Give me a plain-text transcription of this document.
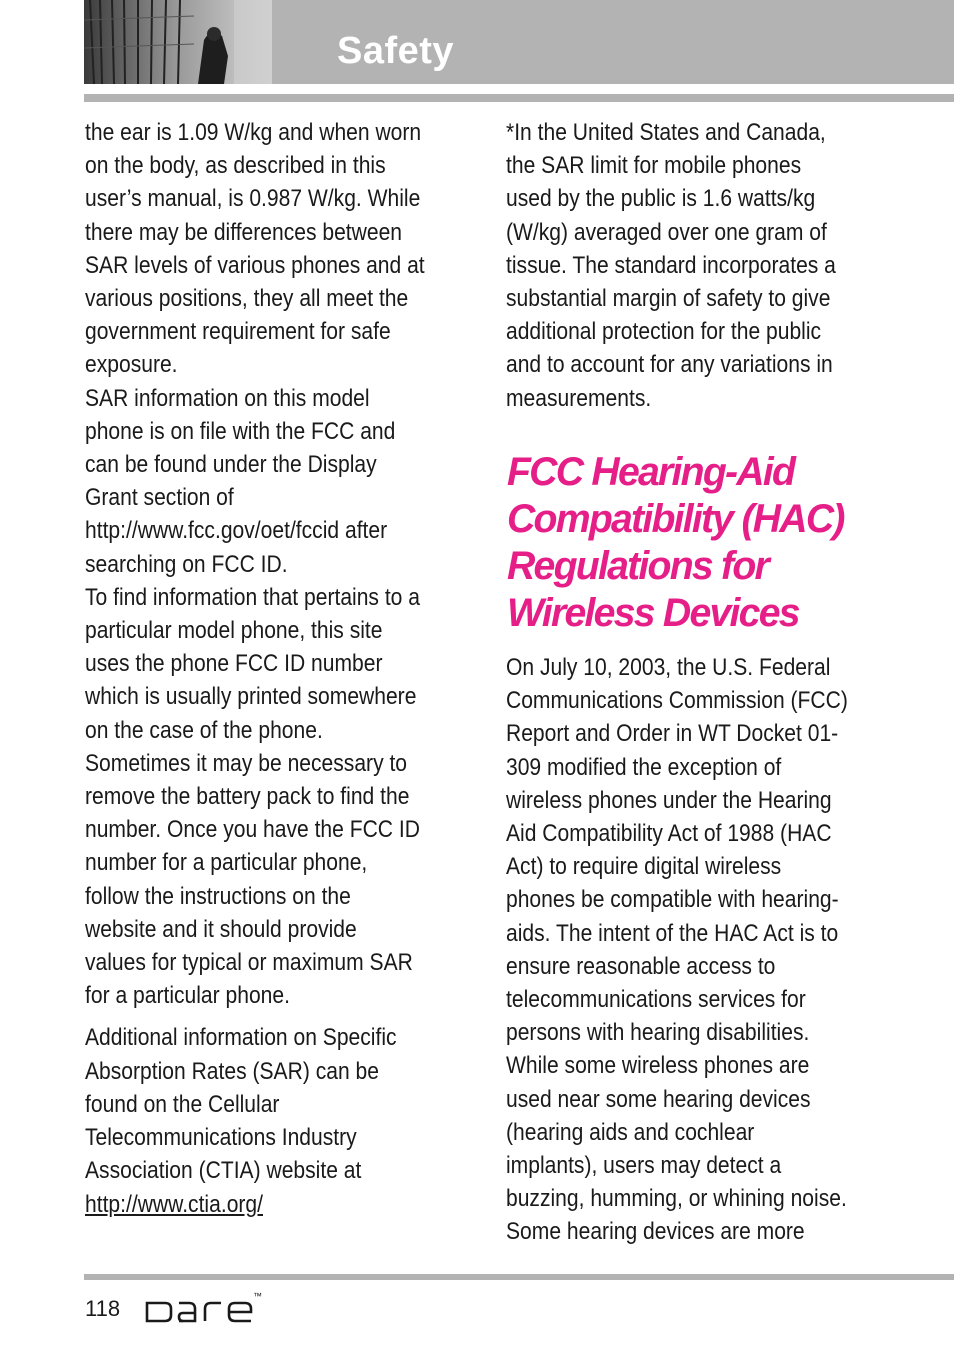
Safety

the ear is 1.09 W/kg and when worn

on the body, as described in this

user’s manual, is 0.987 W/kg. While

there may be differences between

SAR levels of various phones and at

various positions, they all meet the

government requirement for safe

exposure.

SAR information on this model

phone is on file with the FCC and

can be found under the Display

Grant section of

http://www.fcc.gov/oet/fccid after

searching on FCC ID.

To find information that pertains to a

particular model phone, this site

uses the phone FCC ID number

which is usually printed somewhere

on the case of the phone.

Sometimes it may be necessary to

remove the battery pack to find the

number. Once you have the FCC ID

number for a particular phone,

follow the instructions on the

website and it should provide

values for typical or maximum SAR

for a particular phone.

Additional information on Specific

Absorption Rates (SAR) can be

found on the Cellular

Telecommunications Industry

Association (CTIA) website at

http://www.ctia.org/

*In the United States and Canada,

the SAR limit for mobile phones

used by the public is 1.6 watts/kg

(W/kg) averaged over one gram of

tissue. The standard incorporates a

substantial margin of safety to give

additional protection for the public

and to account for any variations in

measurements.

FCC Hearing-Aid
Compatibility (HAC)
Regulations for
Wireless Devices

On July 10, 2003, the U.S. Federal

Communications Commission (FCC)

Report and Order in WT Docket 01-

309 modified the exception of

wireless phones under the Hearing

Aid Compatibility Act of 1988 (HAC

Act) to require digital wireless

phones be compatible with hearing-

aids. The intent of the HAC Act is to

ensure reasonable access to

telecommunications services for

persons with hearing disabilities.

While some wireless phones are

used near some hearing devices

(hearing aids and cochlear

implants), users may detect a

buzzing, humming, or whining noise.

Some hearing devices are more

118	™
